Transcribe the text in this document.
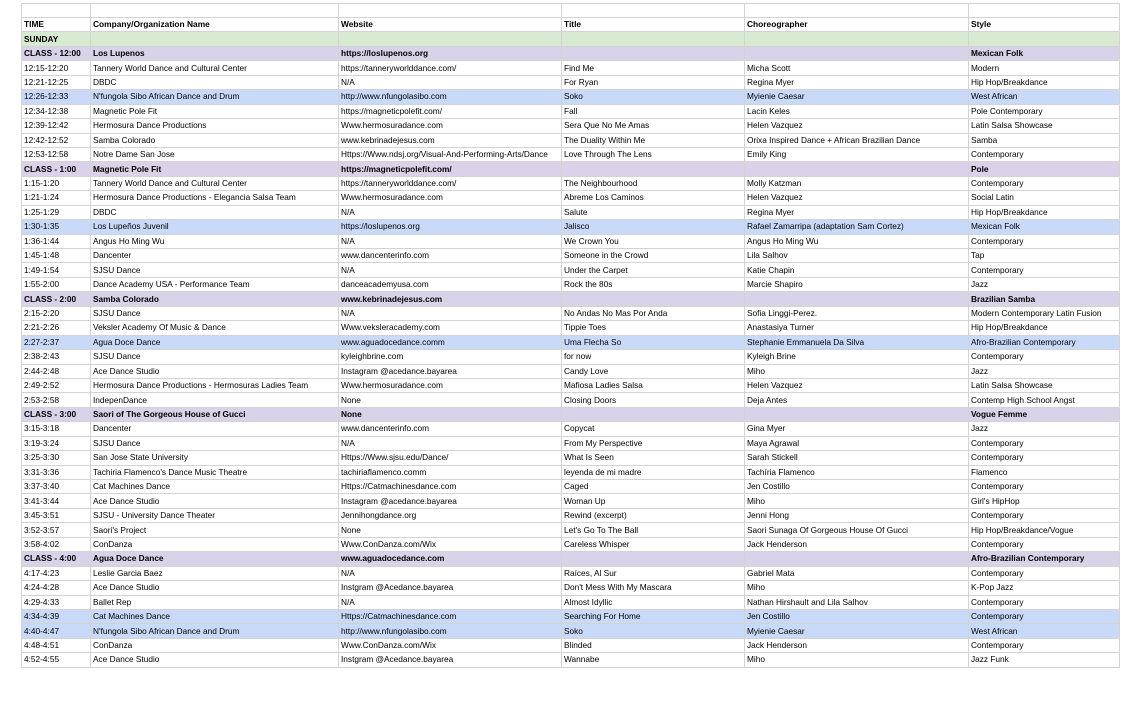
TIME	Company/Organization Name	Website	Title	Choreographer	Style
SUNDAY					
CLASS - 12:00	Los Lupenos	https://loslupenos.org			Mexican Folk
12:15-12:20	Tannery World Dance and Cultural Center	https://tanneryworlddance.com/	Find Me	Micha Scott	Modern
12:21-12:25	DBDC	N/A	For Ryan	Regina Myer	Hip Hop/Breakdance
12:26-12:33	N'fungola Sibo African Dance and Drum	http://www.nfungolasibo.com	Soko	Myienie Caesar	West African
12:34-12:38	Magnetic Pole Fit	https://magneticpolefit.com/	Fall	Lacin Keles	Pole Contemporary
12:39-12:42	Hermosura Dance Productions	Www.hermosuradance.com	Sera Que No Me Amas	Helen Vazquez	Latin Salsa Showcase
12:42-12:52	Samba Colorado	www.kebrinadejesus.com	The Duality Within Me	Orixa Inspired Dance + African Brazilian Dance	Samba
12:53-12:58	Notre Dame San Jose	Https://Www.ndsj.org/Visual-And-Performing-Arts/Dance	Love Through The Lens	Emily King	Contemporary
CLASS - 1:00	Magnetic Pole Fit	https://magneticpolefit.com/			Pole
1:15-1:20	Tannery World Dance and Cultural Center	https://tanneryworlddance.com/	The Neighbourhood	Molly Katzman	Contemporary
1:21-1:24	Hermosura Dance Productions - Elegancia Salsa Team	Www.hermosuradance.com	Abreme Los Caminos	Helen Vazquez	Social Latin
1:25-1:29	DBDC	N/A	Salute	Regina Myer	Hip Hop/Breakdance
1:30-1:35	Los Lupeños Juvenil	https://loslupenos.org	Jalisco	Rafael Zamarripa (adaptation Sam Cortez)	Mexican Folk
1:36-1:44	Angus Ho Ming Wu	N/A	We Crown You	Angus Ho Ming Wu	Contemporary
1:45-1:48	Dancenter	www.dancenterinfo.com	Someone in the Crowd	Lila Salhov	Tap
1:49-1:54	SJSU Dance	N/A	Under the Carpet	Katie Chapin	Contemporary
1:55-2:00	Dance Academy USA - Performance Team	danceacademyusa.com	Rock the 80s	Marcie Shapiro	Jazz
CLASS - 2:00	Samba Colorado	www.kebrinadejesus.com			Brazilian Samba
2:15-2:20	SJSU Dance	N/A	No Andas No Mas Por Anda	Sofia Linggi-Perez.	Modern Contemporary Latin Fusion
2:21-2:26	Veksler Academy Of Music & Dance	Www.veksleracademy.com	Tippie Toes	Anastasiya Turner	Hip Hop/Breakdance
2:27-2:37	Agua Doce Dance	www.aguadocedance.comm	Uma Flecha So	Stephanie Emmanuela Da Silva	Afro-Brazilian Contemporary
2:38-2:43	SJSU Dance	kyleighbrine.com	for now	Kyleigh Brine	Contemporary
2:44-2:48	Ace Dance Studio	Instagram @acedance.bayarea	Candy Love	Miho	Jazz
2:49-2:52	Hermosura Dance Productions - Hermosuras Ladies Team	Www.hermosuradance.com	Mafiosa Ladies Salsa	Helen Vazquez	Latin Salsa Showcase
2:53-2:58	IndepenDance	None	Closing Doors	Deja Antes	Contemp High School Angst
CLASS - 3:00	Saori of The Gorgeous House of Gucci	None			Vogue Femme
3:15-3:18	Dancenter	www.dancenterinfo.com	Copycat	Gina Myer	Jazz
3:19-3:24	SJSU Dance	N/A	From My Perspective	Maya Agrawal	Contemporary
3:25-3:30	San Jose State University	Https://Www.sjsu.edu/Dance/	What Is Seen	Sarah Stickell	Contemporary
3:31-3:36	Tachiria Flamenco's Dance Music Theatre	tachiriaflamenco.comm	leyenda de mi madre	Tachíria Flamenco	Flamenco
3:37-3:40	Cat Machines Dance	Https://Catmachinesdance.com	Caged	Jen Costillo	Contemporary
3:41-3:44	Ace Dance Studio	Instagram @acedance.bayarea	Woman Up	Miho	Girl's HipHop
3:45-3:51	SJSU - University Dance Theater	Jennihongdance.org	Rewind (excerpt)	Jenni Hong	Contemporary
3:52-3:57	Saori's Project	None	Let's Go To The Ball	Saori Sunaga Of Gorgeous House Of Gucci	Hip Hop/Breakdance/Vogue
3:58-4:02	ConDanza	Www.ConDanza.com/Wix	Careless Whisper	Jack Henderson	Contemporary
CLASS - 4:00	Agua Doce Dance	www.aguadocedance.com			Afro-Brazilian Contemporary
4:17-4:23	Leslie Garcia Baez	N/A	Raíces, Al Sur	Gabriel Mata	Contemporary
4:24-4:28	Ace Dance Studio	Instgram @Acedance.bayarea	Don't Mess With My Mascara	Miho	K-Pop Jazz
4:29-4:33	Ballet Rep	N/A	Almost Idyllic	Nathan Hirshault and Lila Salhov	Contemporary
4:34-4:39	Cat Machines Dance	Https://Catmachinesdance.com	Searching For Home	Jen Costillo	Contemporary
4:40-4:47	N'fungola Sibo African Dance and Drum	http://www.nfungolasibo.com	Soko	Myienie Caesar	West African
4:48-4:51	ConDanza	Www.ConDanza.com/Wix	Blinded	Jack Henderson	Contemporary
4:52-4:55	Ace Dance Studio	Instgram @Acedance.bayarea	Wannabe	Miho	Jazz Funk
